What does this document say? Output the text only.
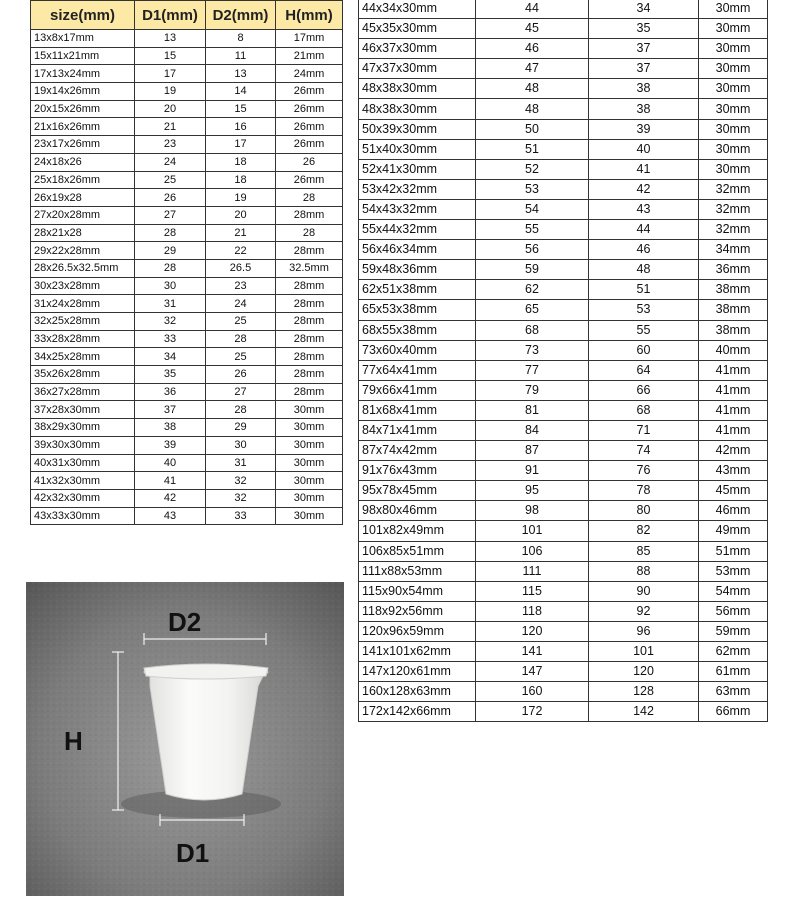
size(mm)	D1(mm)	D2(mm)	H(mm)
13x8x17mm	13	8	17mm
15x11x21mm	15	11	21mm
17x13x24mm	17	13	24mm
19x14x26mm	19	14	26mm
20x15x26mm	20	15	26mm
21x16x26mm	21	16	26mm
23x17x26mm	23	17	26mm
24x18x26	24	18	26
25x18x26mm	25	18	26mm
26x19x28	26	19	28
27x20x28mm	27	20	28mm
28x21x28	28	21	28
29x22x28mm	29	22	28mm
28x26.5x32.5mm	28	26.5	32.5mm
30x23x28mm	30	23	28mm
31x24x28mm	31	24	28mm
32x25x28mm	32	25	28mm
33x28x28mm	33	28	28mm
34x25x28mm	34	25	28mm
35x26x28mm	35	26	28mm
36x27x28mm	36	27	28mm
37x28x30mm	37	28	30mm
38x29x30mm	38	29	30mm
39x30x30mm	39	30	30mm
40x31x30mm	40	31	30mm
41x32x30mm	41	32	30mm
42x32x30mm	42	32	30mm
43x33x30mm	43	33	30mm
44x34x30mm	44	34	30mm
45x35x30mm	45	35	30mm
46x37x30mm	46	37	30mm
47x37x30mm	47	37	30mm
48x38x30mm	48	38	30mm
48x38x30mm	48	38	30mm
50x39x30mm	50	39	30mm
51x40x30mm	51	40	30mm
52x41x30mm	52	41	30mm
53x42x32mm	53	42	32mm
54x43x32mm	54	43	32mm
55x44x32mm	55	44	32mm
56x46x34mm	56	46	34mm
59x48x36mm	59	48	36mm
62x51x38mm	62	51	38mm
65x53x38mm	65	53	38mm
68x55x38mm	68	55	38mm
73x60x40mm	73	60	40mm
77x64x41mm	77	64	41mm
79x66x41mm	79	66	41mm
81x68x41mm	81	68	41mm
84x71x41mm	84	71	41mm
87x74x42mm	87	74	42mm
91x76x43mm	91	76	43mm
95x78x45mm	95	78	45mm
98x80x46mm	98	80	46mm
101x82x49mm	101	82	49mm
106x85x51mm	106	85	51mm
111x88x53mm	111	88	53mm
115x90x54mm	115	90	54mm
118x92x56mm	118	92	56mm
120x96x59mm	120	96	59mm
141x101x62mm	141	101	62mm
147x120x61mm	147	120	61mm
160x128x63mm	160	128	63mm
172x142x66mm	172	142	66mm
D2
H
D1
